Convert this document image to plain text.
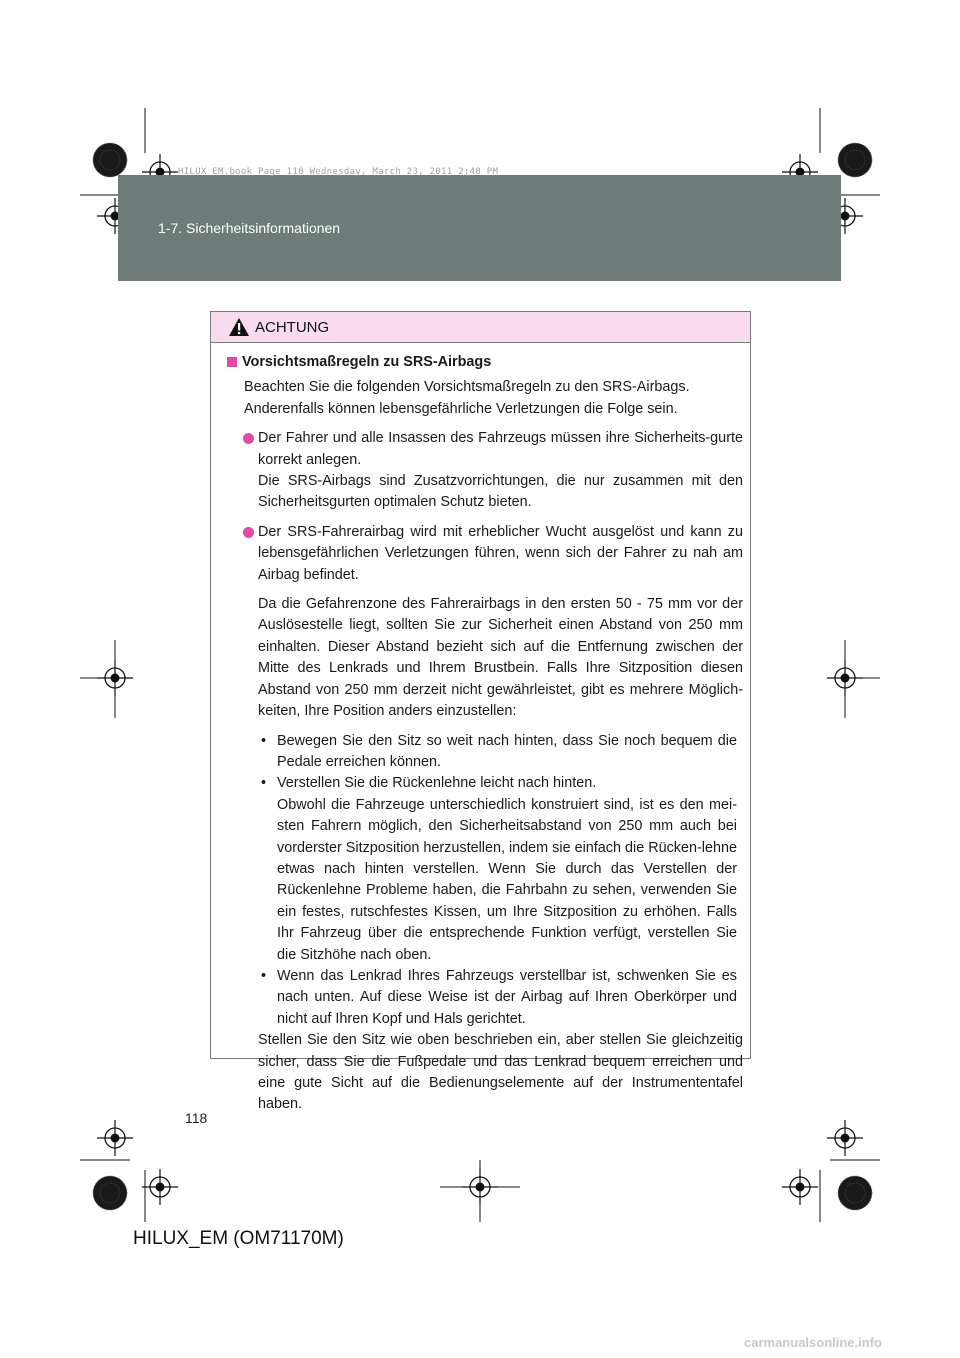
HILUX_EM.book Page 118 Wednesday, March 23, 2011 2:48 PM
1-7. Sicherheitsinformationen
ACHTUNG
Vorsichtsmaßregeln zu SRS-Airbags
Beachten Sie die folgenden Vorsichtsmaßregeln zu den SRS-Airbags.
Anderenfalls können lebensgefährliche Verletzungen die Folge sein.
Der Fahrer und alle Insassen des Fahrzeugs müssen ihre Sicherheits-gurte korrekt anlegen.
Die SRS-Airbags sind Zusatzvorrichtungen, die nur zusammen mit den Sicherheitsgurten optimalen Schutz bieten.
Der SRS-Fahrerairbag wird mit erheblicher Wucht ausgelöst und kann zu lebensgefährlichen Verletzungen führen, wenn sich der Fahrer zu nah am Airbag befindet.
Da die Gefahrenzone des Fahrerairbags in den ersten 50 - 75 mm vor der Auslösestelle liegt, sollten Sie zur Sicherheit einen Abstand von 250 mm einhalten. Dieser Abstand bezieht sich auf die Entfernung zwischen der Mitte des Lenkrads und Ihrem Brustbein. Falls Ihre Sitzposition diesen Abstand von 250 mm derzeit nicht gewährleistet, gibt es mehrere Möglich-keiten, Ihre Position anders einzustellen:
• Bewegen Sie den Sitz so weit nach hinten, dass Sie noch bequem die Pedale erreichen können.
• Verstellen Sie die Rückenlehne leicht nach hinten.
Obwohl die Fahrzeuge unterschiedlich konstruiert sind, ist es den mei-sten Fahrern möglich, den Sicherheitsabstand von 250 mm auch bei vorderster Sitzposition herzustellen, indem sie einfach die Rücken-lehne etwas nach hinten verstellen. Wenn Sie durch das Verstellen der Rückenlehne Probleme haben, die Fahrbahn zu sehen, verwenden Sie ein festes, rutschfestes Kissen, um Ihre Sitzposition zu erhöhen. Falls Ihr Fahrzeug über die entsprechende Funktion verfügt, verstellen Sie die Sitzhöhe nach oben.
• Wenn das Lenkrad Ihres Fahrzeugs verstellbar ist, schwenken Sie es nach unten. Auf diese Weise ist der Airbag auf Ihren Oberkörper und nicht auf Ihren Kopf und Hals gerichtet.
Stellen Sie den Sitz wie oben beschrieben ein, aber stellen Sie gleichzeitig sicher, dass Sie die Fußpedale und das Lenkrad bequem erreichen und eine gute Sicht auf die Bedienungselemente auf der Instrumententafel haben.
118
HILUX_EM (OM71170M)
carmanualsonline.info
